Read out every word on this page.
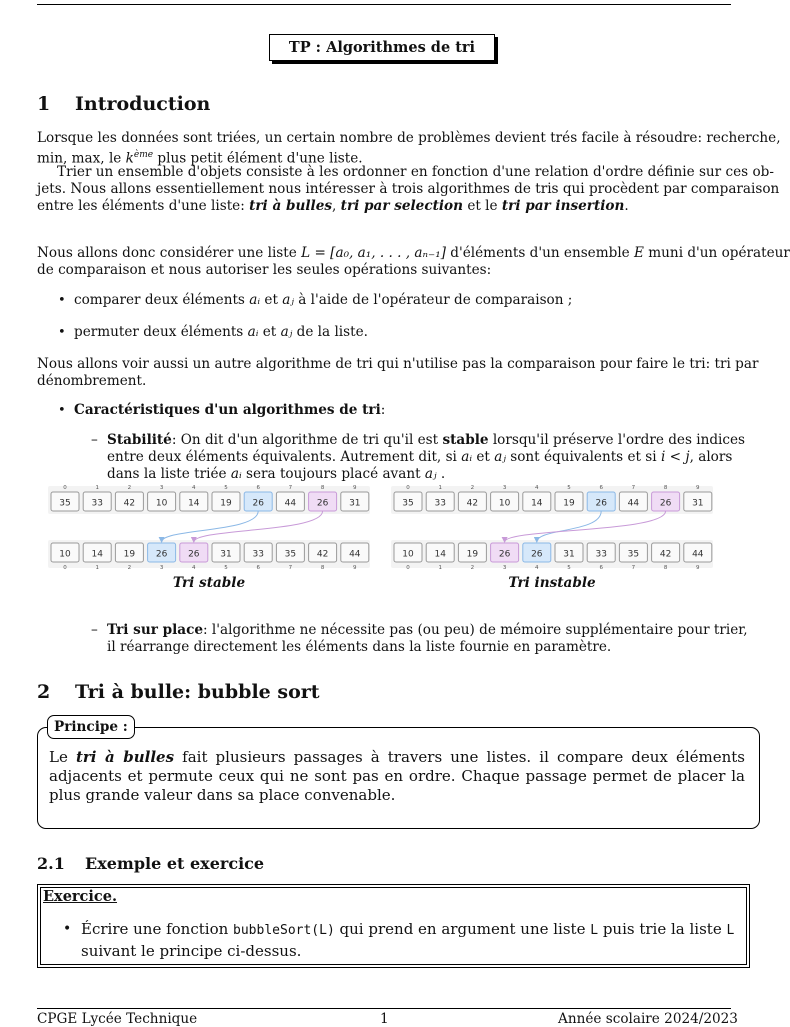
TP : Algorithmes de tri
1 Introduction
Lorsque les données sont triées, un certain nombre de problèmes devient trés facile à résoudre: recherche,
min, max, le $k^{ème}$ plus petit élément d'une liste.
Trier un ensemble d'objets consiste à les ordonner en fonction d'une relation d'ordre définie sur ces ob-
jets. Nous allons essentiellement nous intéresser à trois algorithmes de tris qui procèdent par comparaison
entre les éléments d'une liste: tri à bulles, tri par selection et le tri par insertion.
Nous allons donc considérer une liste L = [a₀, a₁, . . . , aₙ₋₁] d'éléments d'un ensemble E muni d'un opérateur
de comparaison et nous autoriser les seules opérations suivantes:
• comparer deux éléments aᵢ et aⱼ à l'aide de l'opérateur de comparaison ;
• permuter deux éléments aᵢ et aⱼ de la liste.
Nous allons voir aussi un autre algorithme de tri qui n'utilise pas la comparaison pour faire le tri: tri par
dénombrement.
• Caractéristiques d'un algorithmes de tri:
– Stabilité: On dit d'un algorithme de tri qu'il est stable lorsqu'il préserve l'ordre des indices
entre deux éléments équivalents. Autrement dit, si aᵢ et aⱼ sont équivalents et si i < j, alors
dans la liste triée aᵢ sera toujours placé avant aⱼ .
35
0
33
1
42
2
10
3
14
4
19
5
26
6
44
7
26
8
31
9
10
0
14
1
19
2
26
3
26
4
31
5
33
6
35
7
42
8
44
9
35
0
33
1
42
2
10
3
14
4
19
5
26
6
44
7
26
8
31
9
10
0
14
1
19
2
26
3
26
4
31
5
33
6
35
7
42
8
44
9
Tri stable	Tri instable
– Tri sur place: l'algorithme ne nécessite pas (ou peu) de mémoire supplémentaire pour trier,
il réarrange directement les éléments dans la liste fournie en paramètre.
2 Tri à bulle: bubble sort
Principe :

Le tri à bulles fait plusieurs passages à travers une listes. il compare deux éléments adjacents et permute ceux qui ne sont pas en ordre. Chaque passage permet de placer la plus grande valeur dans sa place convenable.

2.1 Exemple et exercice
Exercice.
• Écrire une fonction bubbleSort(L) qui prend en argument une liste L puis trie la liste L suivant le principe ci-dessus.

CPGE Lycée Technique	1	Année scolaire 2024/2023
